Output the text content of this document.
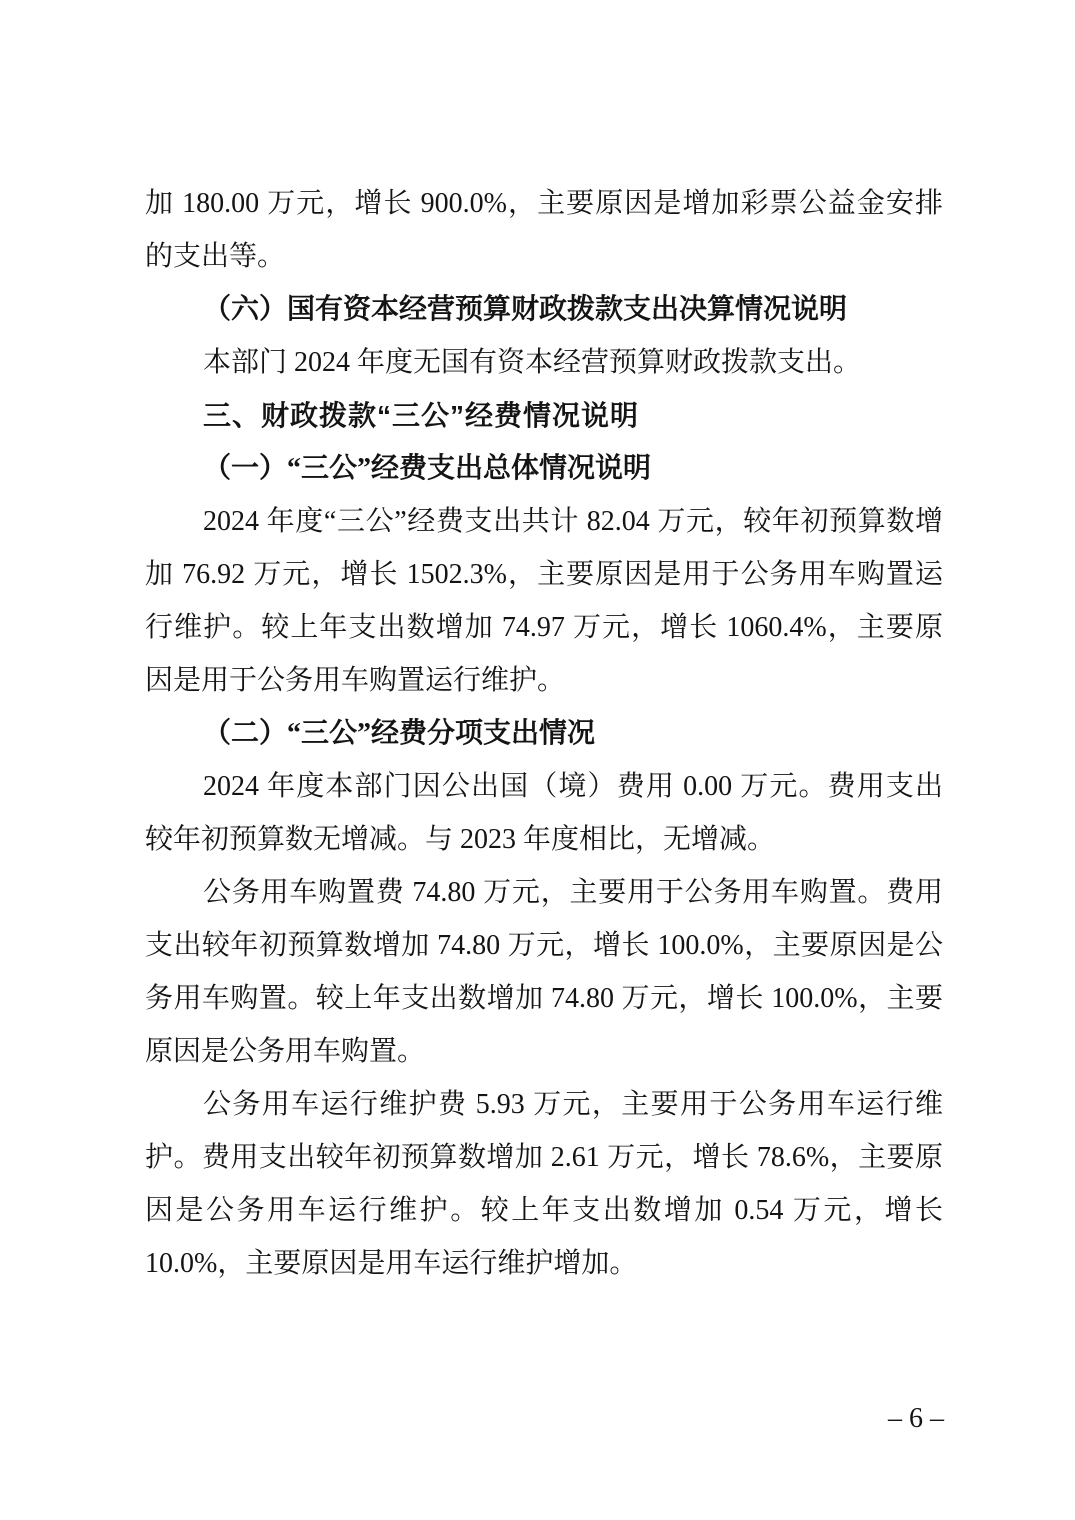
加 180.00 万元，增长 900.0%，主要原因是增加彩票公益金安排
的支出等。
（六）国有资本经营预算财政拨款支出决算情况说明
本部门 2024 年度无国有资本经营预算财政拨款支出。
三、财政拨款“三公”经费情况说明
（一）“三公”经费支出总体情况说明
2024 年度“三公”经费支出共计 82.04 万元，较年初预算数增
加 76.92 万元，增长 1502.3%，主要原因是用于公务用车购置运
行维护。较上年支出数增加 74.97 万元，增长 1060.4%，主要原
因是用于公务用车购置运行维护。
（二）“三公”经费分项支出情况
2024 年度本部门因公出国（境）费用 0.00 万元。费用支出
较年初预算数无增减。与 2023 年度相比，无增减。
公务用车购置费 74.80 万元，主要用于公务用车购置。费用
支出较年初预算数增加 74.80 万元，增长 100.0%，主要原因是公
务用车购置。较上年支出数增加 74.80 万元，增长 100.0%，主要
原因是公务用车购置。
公务用车运行维护费 5.93 万元，主要用于公务用车运行维
护。费用支出较年初预算数增加 2.61 万元，增长 78.6%，主要原
因是公务用车运行维护。较上年支出数增加 0.54 万元，增长
10.0%，主要原因是用车运行维护增加。
– 6 –
